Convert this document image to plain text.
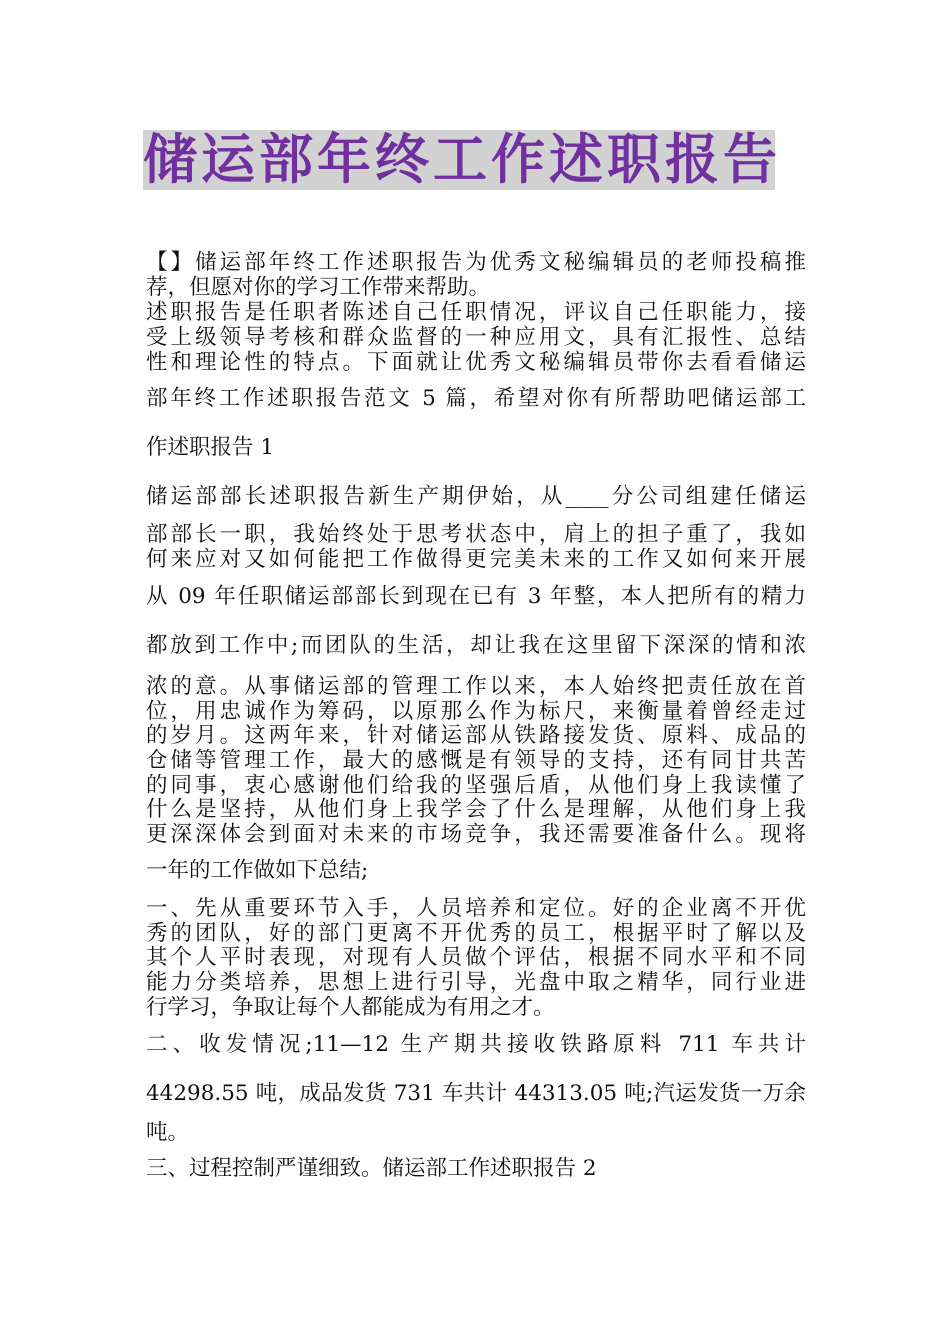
储运部年终工作述职报告
【】储运部年终工作述职报告为优秀文秘编辑员的老师投稿推
荐，但愿对你的学习工作带来帮助。
述职报告是任职者陈述自己任职情况，评议自己任职能力，接
受上级领导考核和群众监督的一种应用文，具有汇报性、总结
性和理论性的特点。下面就让优秀文秘编辑员带你去看看储运
部年终工作述职报告范文 5 篇，希望对你有所帮助吧储运部工
作述职报告 1
储运部部长述职报告新生产期伊始，从____分公司组建任储运
部部长一职，我始终处于思考状态中，肩上的担子重了，我如
何来应对又如何能把工作做得更完美未来的工作又如何来开展
从 09 年任职储运部部长到现在已有 3 年整，本人把所有的精力
都放到工作中;而团队的生活，却让我在这里留下深深的情和浓
浓的意。从事储运部的管理工作以来，本人始终把责任放在首
位，用忠诚作为筹码，以原那么作为标尺，来衡量着曾经走过
的岁月。这两年来，针对储运部从铁路接发货、原料、成品的
仓储等管理工作，最大的感慨是有领导的支持，还有同甘共苦
的同事，衷心感谢他们给我的坚强后盾，从他们身上我读懂了
什么是坚持，从他们身上我学会了什么是理解，从他们身上我
更深深体会到面对未来的市场竞争，我还需要准备什么。现将
一年的工作做如下总结;
一、先从重要环节入手，人员培养和定位。好的企业离不开优
秀的团队，好的部门更离不开优秀的员工，根据平时了解以及
其个人平时表现，对现有人员做个评估，根据不同水平和不同
能力分类培养，思想上进行引导，光盘中取之精华，同行业进
行学习，争取让每个人都能成为有用之才。
二、收发情况;11—12 生产期共接收铁路原料 711 车共计
44298.55 吨，成品发货 731 车共计 44313.05 吨;汽运发货一万余
吨。
三、过程控制严谨细致。储运部工作述职报告 2
